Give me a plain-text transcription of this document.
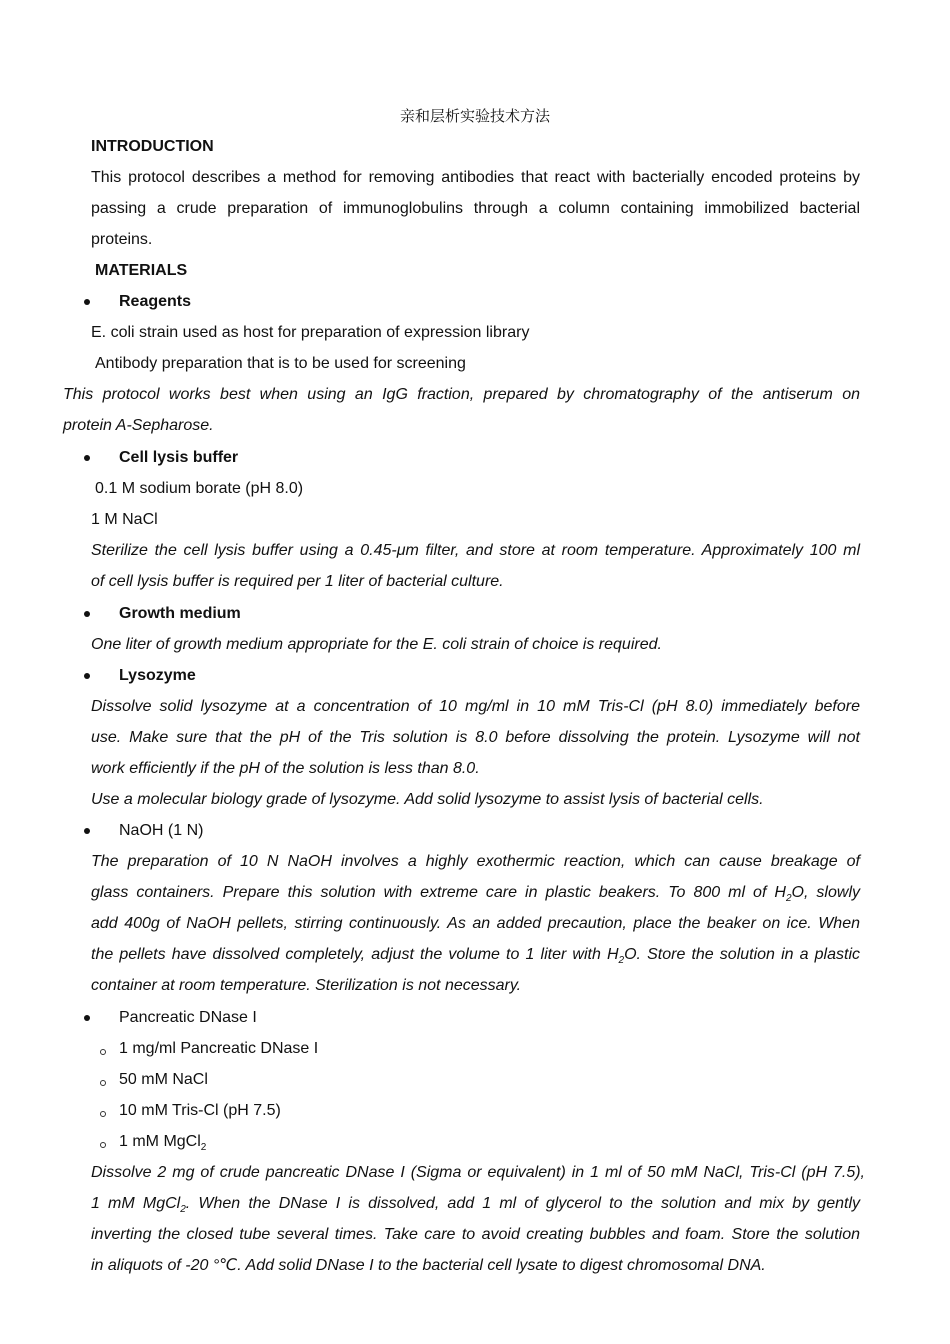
亲和层析实验技术方法
INTRODUCTION
This protocol describes a method for removing antibodies that react with bacterially encoded proteins by
passing a crude preparation of immunoglobulins through a column containing immobilized bacterial
proteins.
MATERIALS
Reagents
E. coli strain used as host for preparation of expression library
Antibody preparation that is to be used for screening
This protocol works best when using an IgG fraction, prepared by chromatography of the antiserum on
protein A-Sepharose.
Cell lysis buffer
0.1 M sodium borate (pH 8.0)
1 M NaCl
Sterilize the cell lysis buffer using a 0.45-μm filter, and store at room temperature. Approximately 100 ml
of cell lysis buffer is required per 1 liter of bacterial culture.
Growth medium
One liter of growth medium appropriate for the E. coli strain of choice is required.
Lysozyme
Dissolve solid lysozyme at a concentration of 10 mg/ml in 10 mM Tris-Cl (pH 8.0) immediately before
use. Make sure that the pH of the Tris solution is 8.0 before dissolving the protein. Lysozyme will not
work efficiently if the pH of the solution is less than 8.0.
Use a molecular biology grade of lysozyme. Add solid lysozyme to assist lysis of bacterial cells.
NaOH (1 N)
The preparation of 10 N NaOH involves a highly exothermic reaction, which can cause breakage of
glass containers. Prepare this solution with extreme care in plastic beakers. To 800 ml of $H_2O$, slowly
add 400g of NaOH pellets, stirring continuously. As an added precaution, place the beaker on ice. When
the pellets have dissolved completely, adjust the volume to 1 liter with $H_2O$. Store the solution in a plastic
container at room temperature. Sterilization is not necessary.
Pancreatic DNase I
1 mg/ml Pancreatic DNase I
50 mM NaCl
10 mM Tris-Cl (pH 7.5)
1 mM MgCl$_2$
Dissolve 2 mg of crude pancreatic DNase I (Sigma or equivalent) in 1 ml of 50 mM NaCl, Tris-Cl (pH 7.5),
1 mM MgCl$_2$. When the DNase I is dissolved, add 1 ml of glycerol to the solution and mix by gently
inverting the closed tube several times. Take care to avoid creating bubbles and foam. Store the solution
in aliquots of -20 °℃. Add solid DNase I to the bacterial cell lysate to digest chromosomal DNA.
